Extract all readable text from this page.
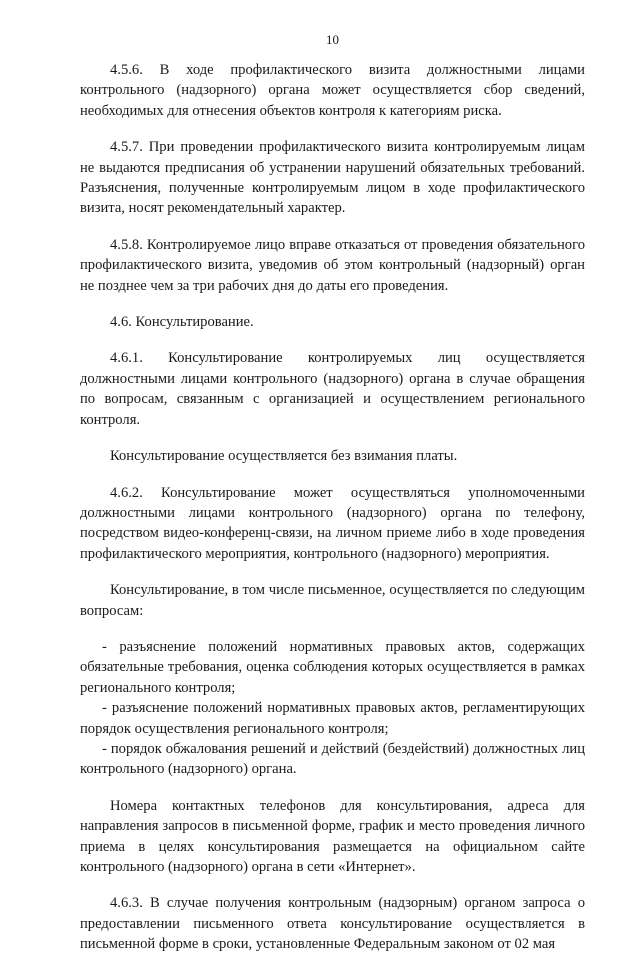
10

4.5.6. В ходе профилактического визита должностными лицами контрольного (надзорного) органа может осуществляется сбор сведений, необходимых для отнесения объектов контроля к категориям риска.

4.5.7. При проведении профилактического визита контролируемым лицам не выдаются предписания об устранении нарушений обязательных требований. Разъяснения, полученные контролируемым лицом в ходе профилактического визита, носят рекомендательный характер.

4.5.8. Контролируемое лицо вправе отказаться от проведения обязательного профилактического визита, уведомив об этом контрольный (надзорный) орган не позднее чем за три рабочих дня до даты его проведения.

4.6. Консультирование.

4.6.1. Консультирование контролируемых лиц осуществляется должностными лицами контрольного (надзорного) органа в случае обращения по вопросам, связанным с организацией и осуществлением регионального контроля.

Консультирование осуществляется без взимания платы.

4.6.2. Консультирование может осуществляться уполномоченными должностными лицами контрольного (надзорного) органа по телефону, посредством видео-конференц-связи, на личном приеме либо в ходе проведения профилактического мероприятия, контрольного (надзорного) мероприятия.

Консультирование, в том числе письменное, осуществляется по следующим вопросам:

- разъяснение положений нормативных правовых актов, содержащих обязательные требования, оценка соблюдения которых осуществляется в рамках регионального контроля;

- разъяснение положений нормативных правовых актов, регламентирующих порядок осуществления регионального контроля;

- порядок обжалования решений и действий (бездействий) должностных лиц контрольного (надзорного) органа.

Номера контактных телефонов для консультирования, адреса для направления запросов в письменной форме, график и место проведения личного приема в целях консультирования размещается на официальном сайте контрольного (надзорного) органа в сети «Интернет».

4.6.3. В случае получения контрольным (надзорным) органом запроса о предоставлении письменного ответа консультирование осуществляется в письменной форме в сроки, установленные Федеральным законом от 02 мая
